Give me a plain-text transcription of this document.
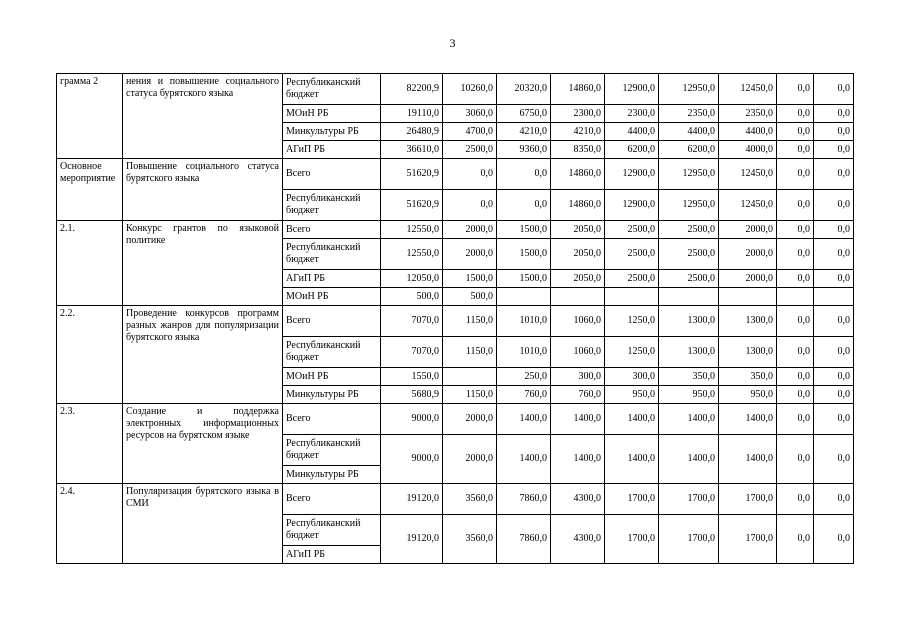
3
грамма 2	нения и повышение социального статуса бурятского языка	Республиканский бюджет	82200,9	10260,0	20320,0	14860,0	12900,0	12950,0	12450,0	0,0	0,0
		МОиН РБ	19110,0	3060,0	6750,0	2300,0	2300,0	2350,0	2350,0	0,0	0,0
		Минкультуры РБ	26480,9	4700,0	4210,0	4210,0	4400,0	4400,0	4400,0	0,0	0,0
		АГиП РБ	36610,0	2500,0	9360,0	8350,0	6200,0	6200,0	4000,0	0,0	0,0
Основное мероприятие	Повышение социального статуса бурятского языка	Всего	51620,9	0,0	0,0	14860,0	12900,0	12950,0	12450,0	0,0	0,0
		Республиканский бюджет	51620,9	0,0	0,0	14860,0	12900,0	12950,0	12450,0	0,0	0,0
2.1.	Конкурс грантов по языковой политике	Всего	12550,0	2000,0	1500,0	2050,0	2500,0	2500,0	2000,0	0,0	0,0
		Республиканский бюджет	12550,0	2000,0	1500,0	2050,0	2500,0	2500,0	2000,0	0,0	0,0
		АГиП РБ	12050,0	1500,0	1500,0	2050,0	2500,0	2500,0	2000,0	0,0	0,0
		МОиН РБ	500,0	500,0							
2.2.	Проведение конкурсов программ разных жанров для популяризации бурятского языка	Всего	7070,0	1150,0	1010,0	1060,0	1250,0	1300,0	1300,0	0,0	0,0
		Республиканский бюджет	7070,0	1150,0	1010,0	1060,0	1250,0	1300,0	1300,0	0,0	0,0
		МОиН РБ	1550,0		250,0	300,0	300,0	350,0	350,0	0,0	0,0
		Минкультуры РБ	5680,9	1150,0	760,0	760,0	950,0	950,0	950,0	0,0	0,0
2.3.	Создание и поддержка электронных информационных ресурсов на бурятском языке	Всего	9000,0	2000,0	1400,0	1400,0	1400,0	1400,0	1400,0	0,0	0,0
		Республиканский бюджет	9000,0	2000,0	1400,0	1400,0	1400,0	1400,0	1400,0	0,0	0,0
		Минкультуры РБ									
2.4.	Популяризация бурятского языка в СМИ	Всего	19120,0	3560,0	7860,0	4300,0	1700,0	1700,0	1700,0	0,0	0,0
		Республиканский бюджет	19120,0	3560,0	7860,0	4300,0	1700,0	1700,0	1700,0	0,0	0,0
		АГиП РБ									
